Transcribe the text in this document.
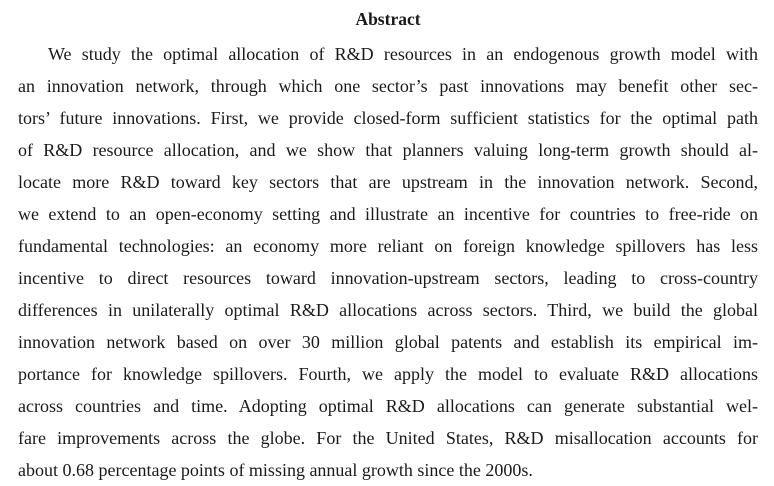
Abstract
We study the optimal allocation of R&D resources in an endogenous growth model with
an innovation network, through which one sector’s past innovations may benefit other sec-
tors’ future innovations. First, we provide closed-form sufficient statistics for the optimal path
of R&D resource allocation, and we show that planners valuing long-term growth should al-
locate more R&D toward key sectors that are upstream in the innovation network. Second,
we extend to an open-economy setting and illustrate an incentive for countries to free-ride on
fundamental technologies: an economy more reliant on foreign knowledge spillovers has less
incentive to direct resources toward innovation-upstream sectors, leading to cross-country
differences in unilaterally optimal R&D allocations across sectors. Third, we build the global
innovation network based on over 30 million global patents and establish its empirical im-
portance for knowledge spillovers. Fourth, we apply the model to evaluate R&D allocations
across countries and time. Adopting optimal R&D allocations can generate substantial wel-
fare improvements across the globe. For the United States, R&D misallocation accounts for
about 0.68 percentage points of missing annual growth since the 2000s.
